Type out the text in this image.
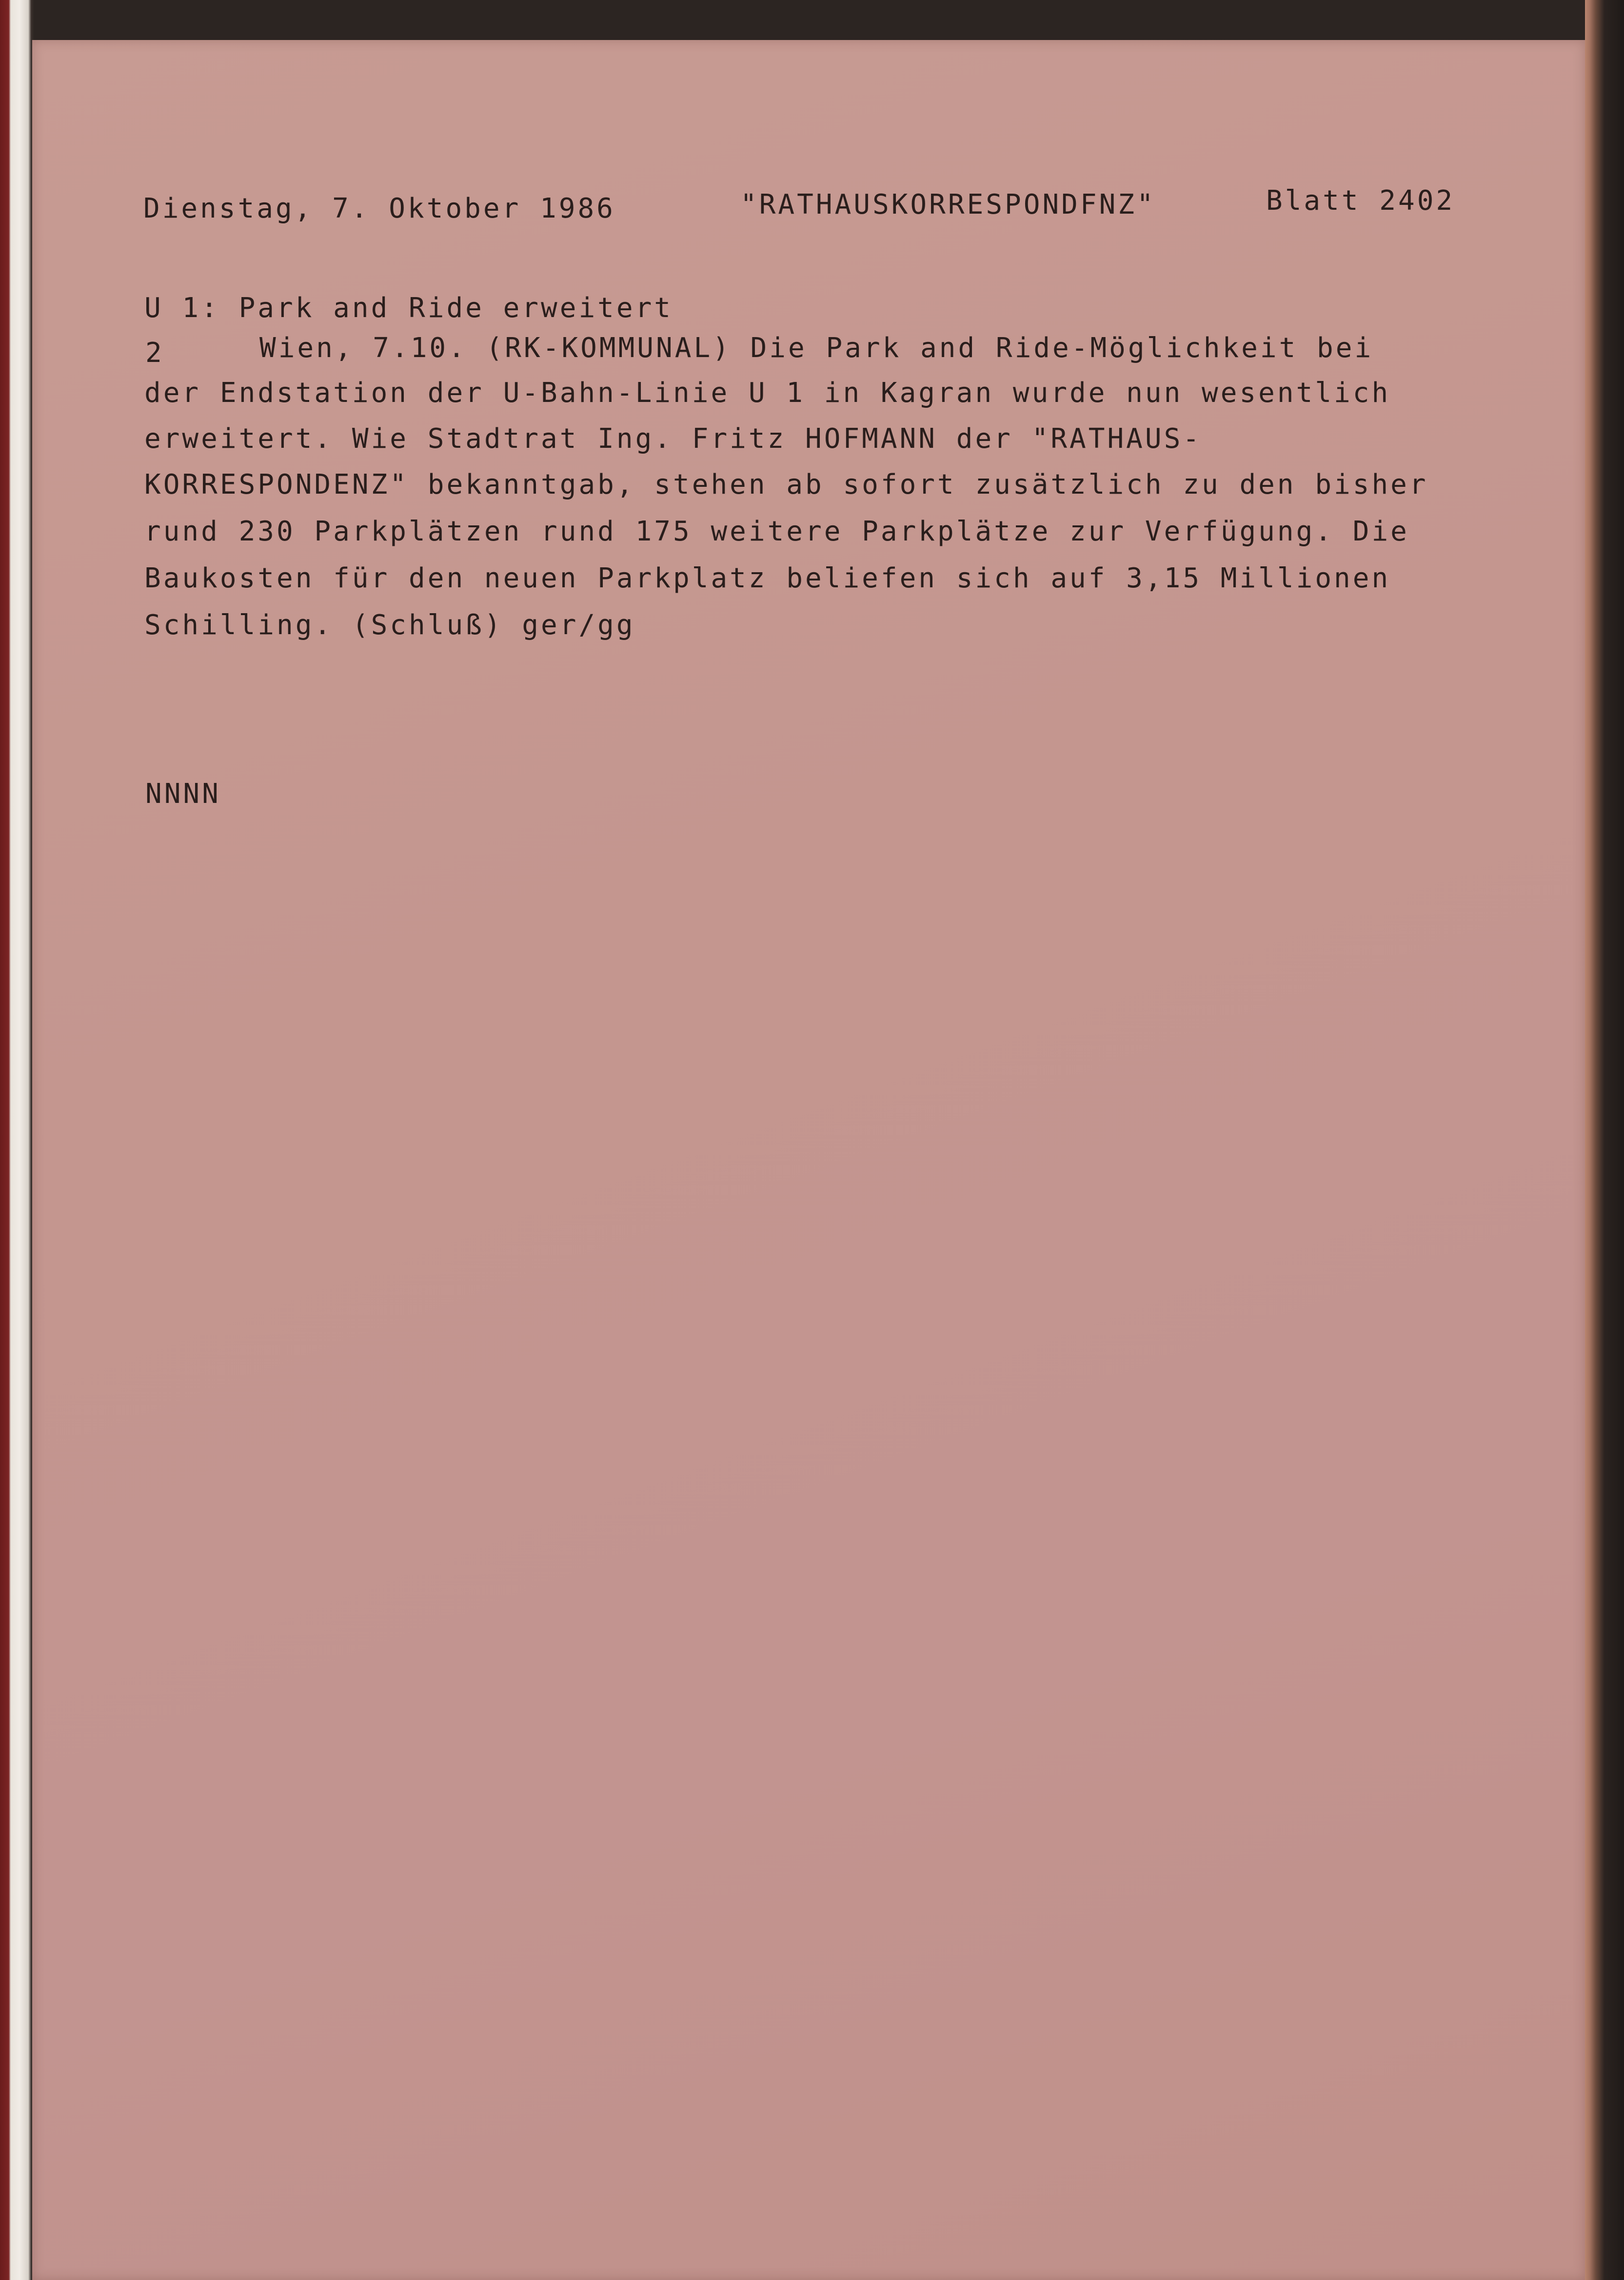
Dienstag, 7. Oktober 1986	"RATHAUSKORRESPONDFNZ"	Blatt 2402
U 1: Park and Ride erweitert
2	Wien, 7.10. (RK-KOMMUNAL) Die Park and Ride-Möglichkeit bei
der Endstation der U-Bahn-Linie U 1 in Kagran wurde nun wesentlich
erweitert. Wie Stadtrat Ing. Fritz HOFMANN der "RATHAUS-
KORRESPONDENZ" bekanntgab, stehen ab sofort zusätzlich zu den bisher
rund 230 Parkplätzen rund 175 weitere Parkplätze zur Verfügung. Die
Baukosten für den neuen Parkplatz beliefen sich auf 3,15 Millionen
Schilling. (Schluß) ger/gg
NNNN
